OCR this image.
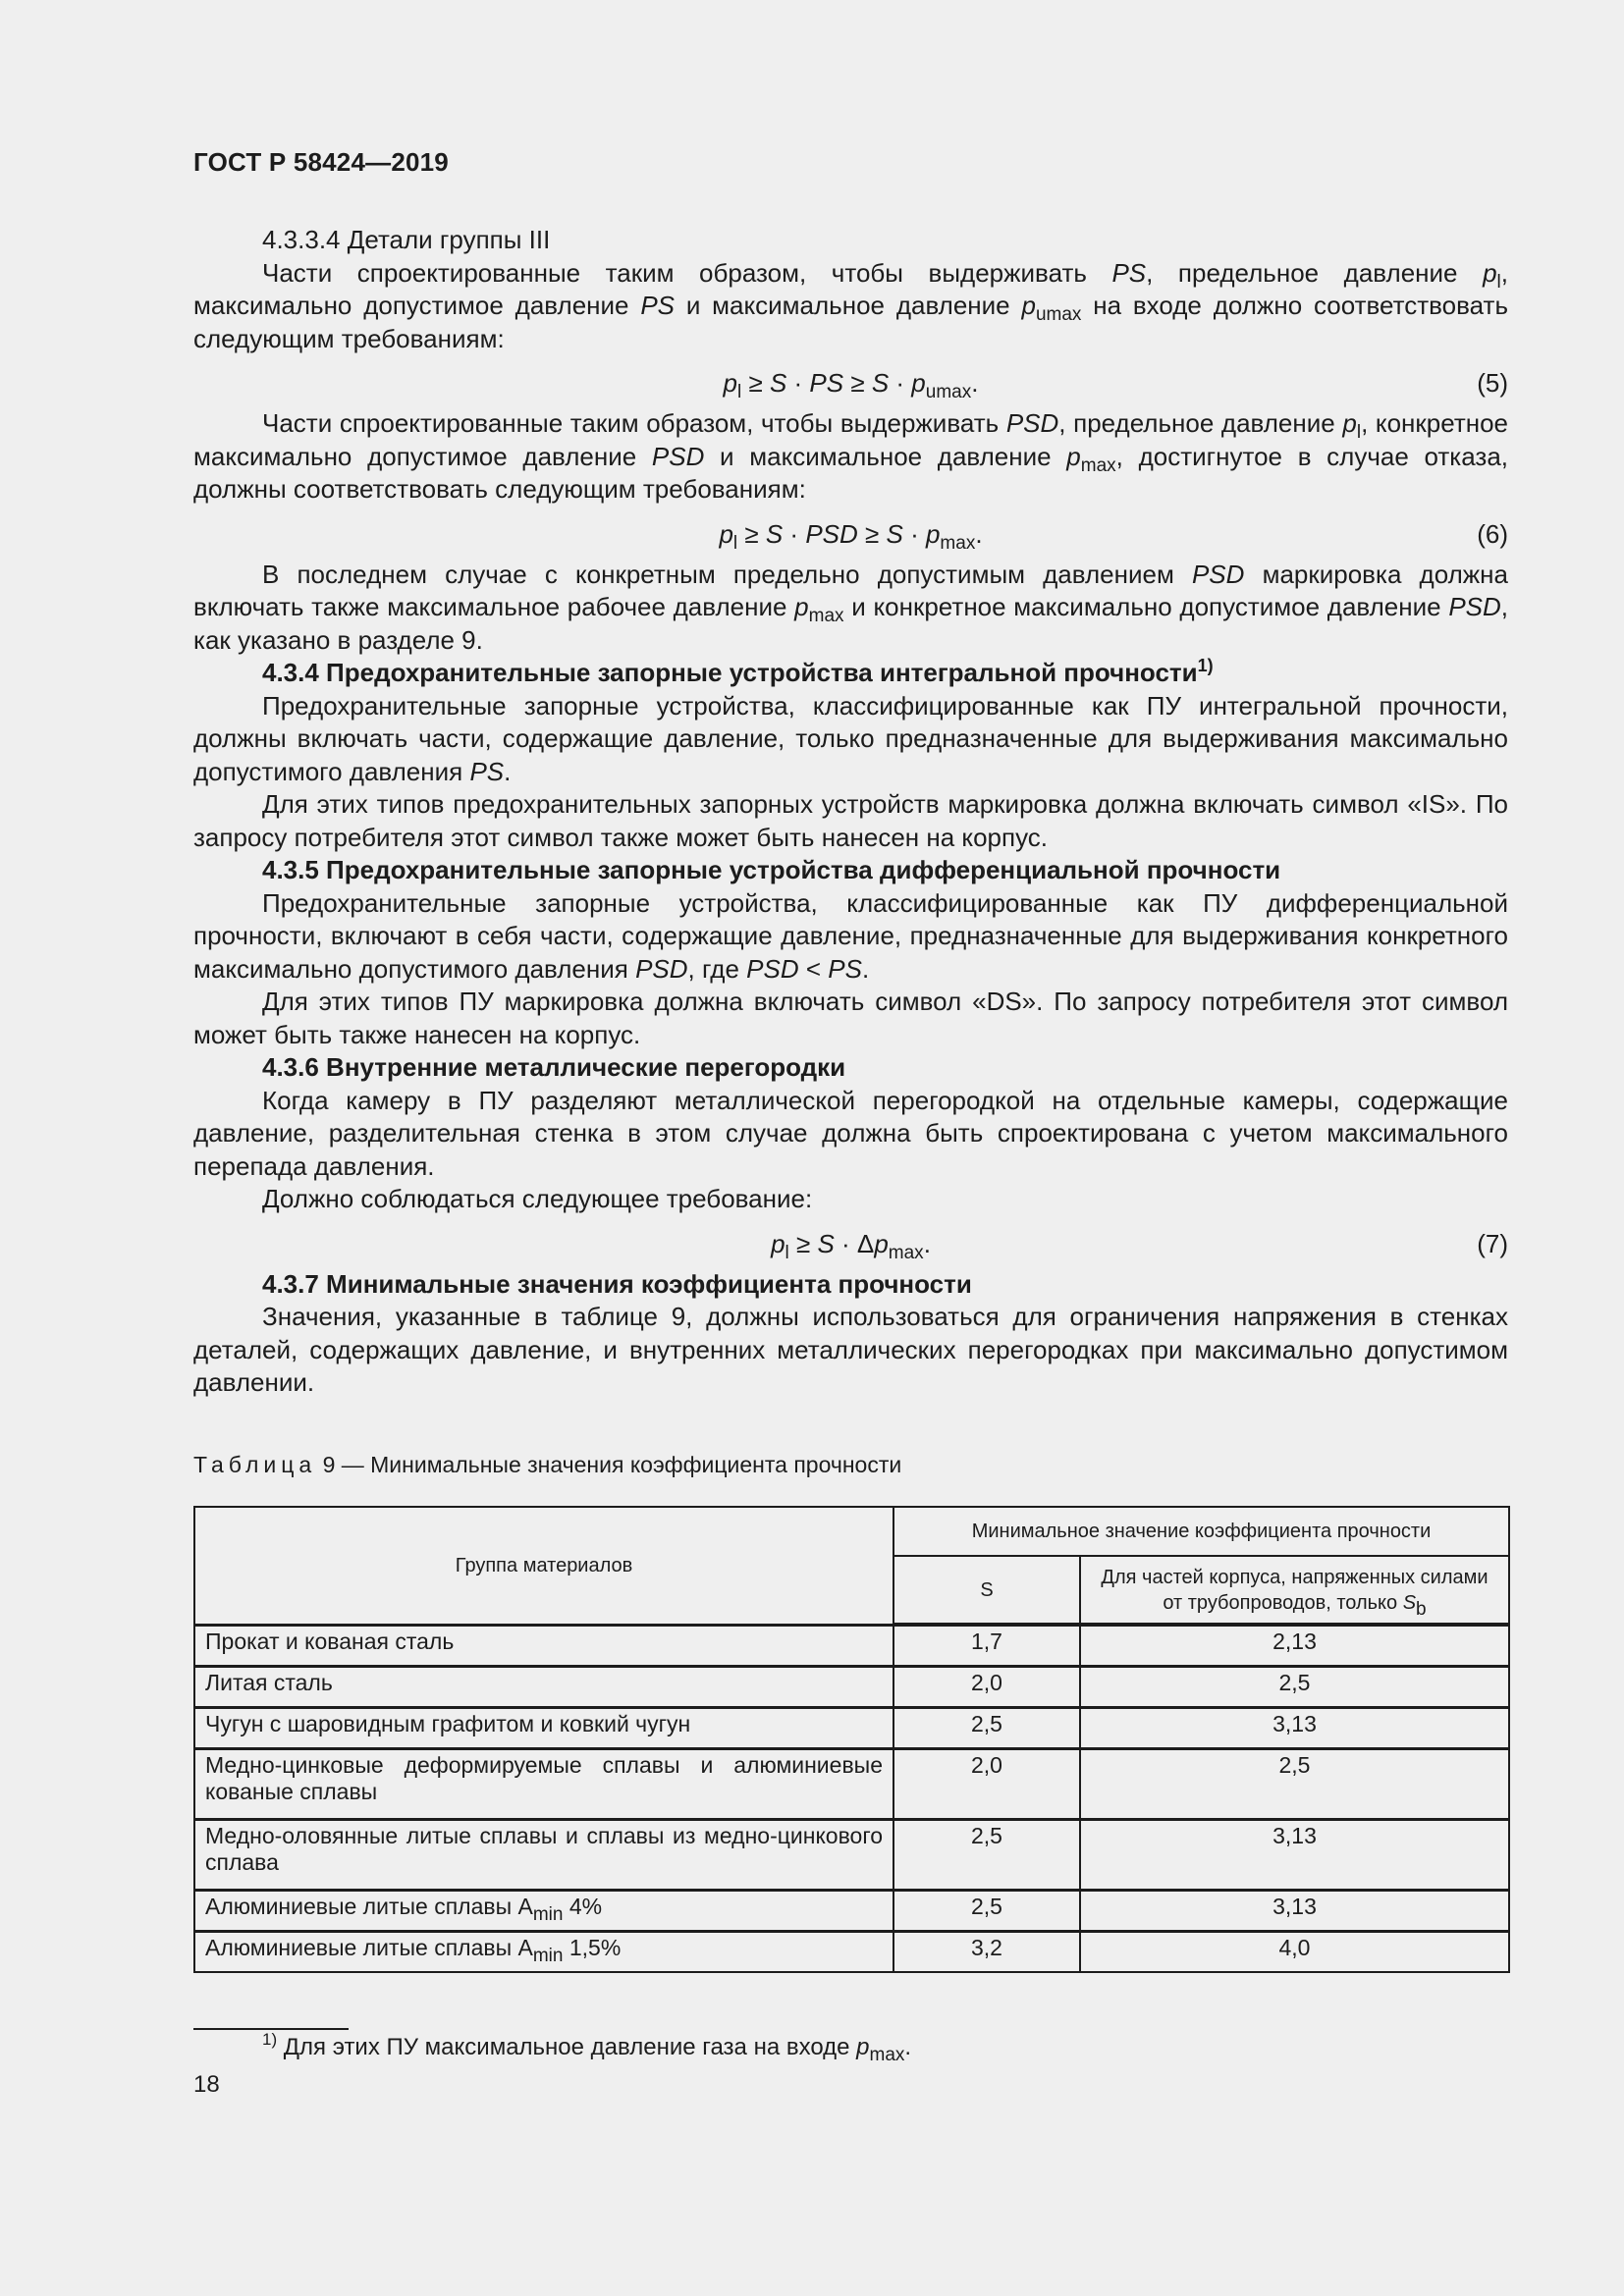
ГОСТ Р 58424—2019

4.3.3.4 Детали группы III

Части спроектированные таким образом, чтобы выдерживать PS, предельное давление $p_l$, максимально допустимое давление PS и максимальное давление $p_{umax}$ на входе должно соответствовать следующим требованиям:

$p_l \ge S$ · PS ≥ $S \cdot p_{umax}$.	(5)

Части спроектированные таким образом, чтобы выдерживать PSD, предельное давление $p_l$, конкретное максимально допустимое давление PSD и максимальное давление $p_{max}$, достигнутое в случае отказа, должны соответствовать следующим требованиям:

$p_l \ge S$ · PSD ≥ $S \cdot p_{max}$.	(6)

В последнем случае с конкретным предельно допустимым давлением PSD маркировка должна включать также максимальное рабочее давление $p_{max}$ и конкретное максимально допустимое давление PSD, как указано в разделе 9.

4.3.4 Предохранительные запорные устройства интегральной прочности$^{1)}$

Предохранительные запорные устройства, классифицированные как ПУ интегральной прочности, должны включать части, содержащие давление, только предназначенные для выдерживания максимально допустимого давления PS.

Для этих типов предохранительных запорных устройств маркировка должна включать символ «IS». По запросу потребителя этот символ также может быть нанесен на корпус.

4.3.5 Предохранительные запорные устройства дифференциальной прочности

Предохранительные запорные устройства, классифицированные как ПУ дифференциальной прочности, включают в себя части, содержащие давление, предназначенные для выдерживания конкретного максимально допустимого давления PSD, где PSD < PS.

Для этих типов ПУ маркировка должна включать символ «DS». По запросу потребителя этот символ может быть также нанесен на корпус.

4.3.6 Внутренние металлические перегородки

Когда камеру в ПУ разделяют металлической перегородкой на отдельные камеры, содержащие давление, разделительная стенка в этом случае должна быть спроектирована с учетом максимального перепада давления.

Должно соблюдаться следующее требование:

$p_l \ge S \cdot \Delta p_{max}$.	(7)

4.3.7 Минимальные значения коэффициента прочности

Значения, указанные в таблице 9, должны использоваться для ограничения напряжения в стенках деталей, содержащих давление, и внутренних металлических перегородках при максимально допустимом давлении.

Таблица 9 — Минимальные значения коэффициента прочности
Группа материалов	Минимальное значение коэффициента прочности	
	S	Для частей корпуса, напряженных силами от трубопроводов, только $S_b$
Прокат и кованая сталь	1,7	2,13
Литая сталь	2,0	2,5
Чугун с шаровидным графитом и ковкий чугун	2,5	3,13
Медно-цинковые деформируемые сплавы и алюминиевые кованые сплавы	2,0	2,5
Медно-оловянные литые сплавы и сплавы из медно-цинкового сплава	2,5	3,13
Алюминиевые литые сплавы $A_{min}$ 4%	2,5	3,13
Алюминиевые литые сплавы $A_{min}$ 1,5%	3,2	4,0
$^{1)}$ Для этих ПУ максимальное давление газа на входе $p_{max}$.
18
